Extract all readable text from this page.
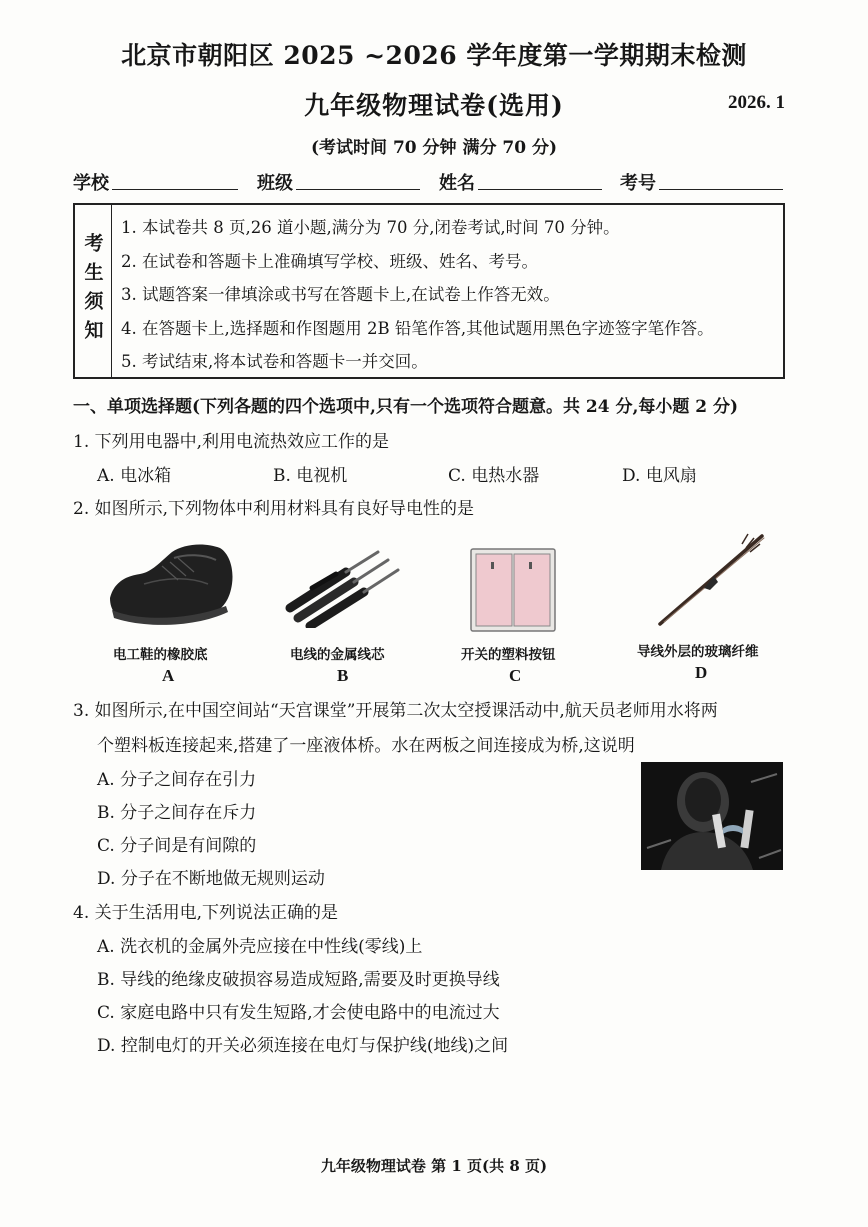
北京市朝阳区 2025 ~2026 学年度第一学期期末检测
九年级物理试卷(选用)	2026. 1
(考试时间 70 分钟 满分 70 分)
学校	班级	姓名	考号
考生须知
1. 本试卷共 8 页,26 道小题,满分为 70 分,闭卷考试,时间 70 分钟。
2. 在试卷和答题卡上准确填写学校、班级、姓名、考号。
3. 试题答案一律填涂或书写在答题卡上,在试卷上作答无效。
4. 在答题卡上,选择题和作图题用 2B 铅笔作答,其他试题用黑色字迹签字笔作答。
5. 考试结束,将本试卷和答题卡一并交回。
一、单项选择题(下列各题的四个选项中,只有一个选项符合题意。共 24 分,每小题 2 分)
1. 下列用电器中,利用电流热效应工作的是
A. 电冰箱	B. 电视机	C. 电热水器	D. 电风扇
2. 如图所示,下列物体中利用材料具有良好导电性的是
电工鞋的橡胶底
A
电线的金属线芯
B
开关的塑料按钮
C
导线外层的玻璃纤维
D
3. 如图所示,在中国空间站“天宫课堂”开展第二次太空授课活动中,航天员老师用水将两
个塑料板连接起来,搭建了一座液体桥。水在两板之间连接成为桥,这说明
A. 分子之间存在引力
B. 分子之间存在斥力
C. 分子间是有间隙的
D. 分子在不断地做无规则运动
4. 关于生活用电,下列说法正确的是
A. 洗衣机的金属外壳应接在中性线(零线)上
B. 导线的绝缘皮破损容易造成短路,需要及时更换导线
C. 家庭电路中只有发生短路,才会使电路中的电流过大
D. 控制电灯的开关必须连接在电灯与保护线(地线)之间
九年级物理试卷 第 1 页(共 8 页)
